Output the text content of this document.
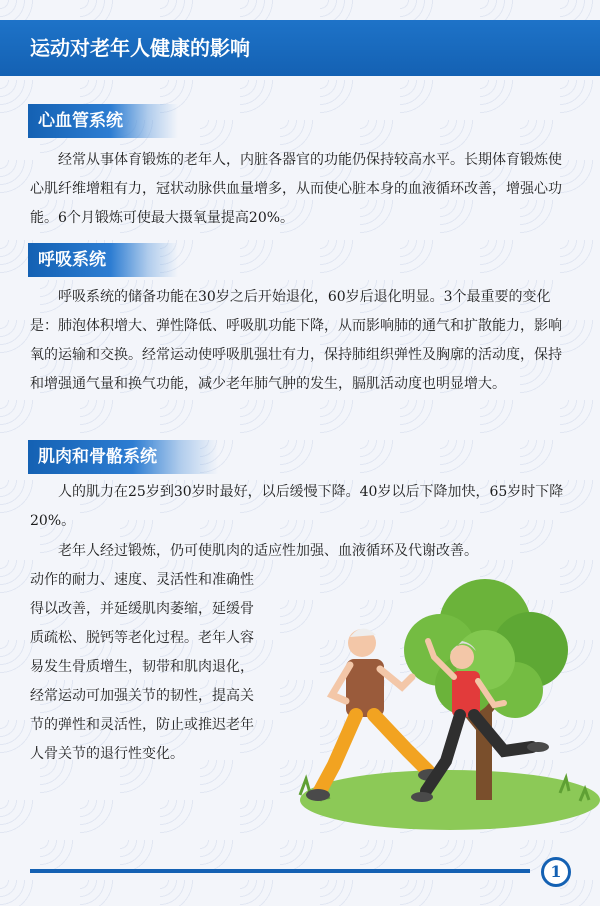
运动对老年人健康的影响
心血管系统
经常从事体育锻炼的老年人，内脏各器官的功能仍保持较高水平。长期体育锻炼使心肌纤维增粗有力，冠状动脉供血量增多，从而使心脏本身的血液循环改善，增强心功能。6个月锻炼可使最大摄氧量提高20%。
呼吸系统
呼吸系统的储备功能在30岁之后开始退化，60岁后退化明显。3个最重要的变化是：肺泡体积增大、弹性降低、呼吸肌功能下降，从而影响肺的通气和扩散能力，影响氧的运输和交换。经常运动使呼吸肌强壮有力，保持肺组织弹性及胸廓的活动度，保持和增强通气量和换气功能，减少老年肺气肿的发生，膈肌活动度也明显增大。
肌肉和骨骼系统
人的肌力在25岁到30岁时最好，以后缓慢下降。40岁以后下降加快，65岁时下降20%。
老年人经过锻炼，仍可使肌肉的适应性加强、血液循环及代谢改善。
动作的耐力、速度、灵活性和准确性得以改善，并延缓肌肉萎缩，延缓骨质疏松、脱钙等老化过程。老年人容易发生骨质增生，韧带和肌肉退化，经常运动可加强关节的韧性，提高关节的弹性和灵活性，防止或推迟老年人骨关节的退行性变化。
1
